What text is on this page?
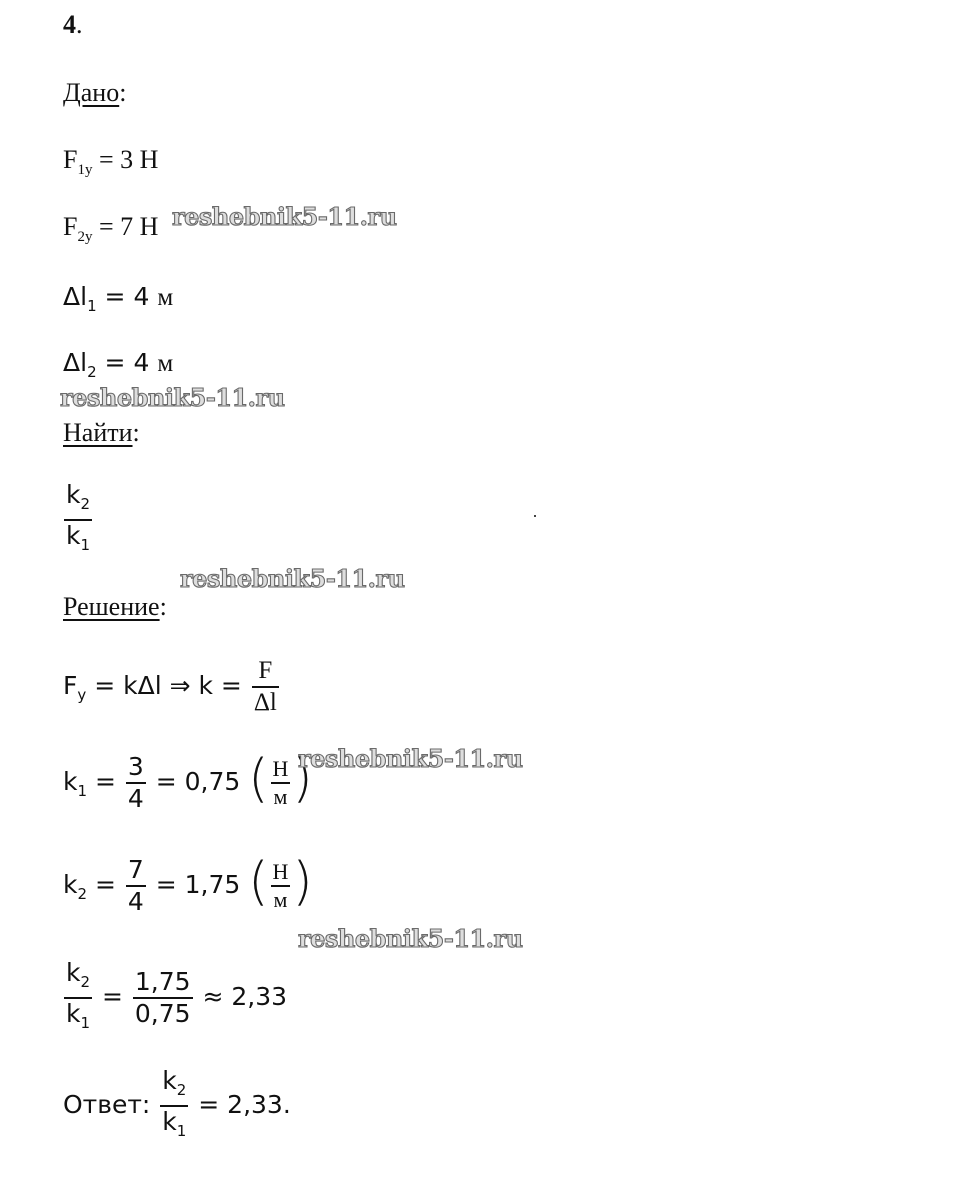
4.
Дано:
$F_{1y} = 3$ Н
$F_{2y} = 7$ Н
$\Delta l_1 = 4$ м
$\Delta l_2 = 4$ м
Найти:
$\frac{k_2}{k_1}$
Решение:
$F_y = k\Delta l$ ⇒ $k = \frac{F}{\Delta l}$
$k_1 = \frac{3}{4} = 0,75$ ( $\frac{Н}{м}$ )
$k_2 = \frac{7}{4} = 1,75$ ( $\frac{Н}{м}$ )
$\frac{k_2}{k_1} = \frac{1,75}{0,75} \approx 2,33$
Ответ: $\frac{k_2}{k_1} = 2,33$.
reshebnik5-11.ru
reshebnik5-11.ru
reshebnik5-11.ru
reshebnik5-11.ru
reshebnik5-11.ru
